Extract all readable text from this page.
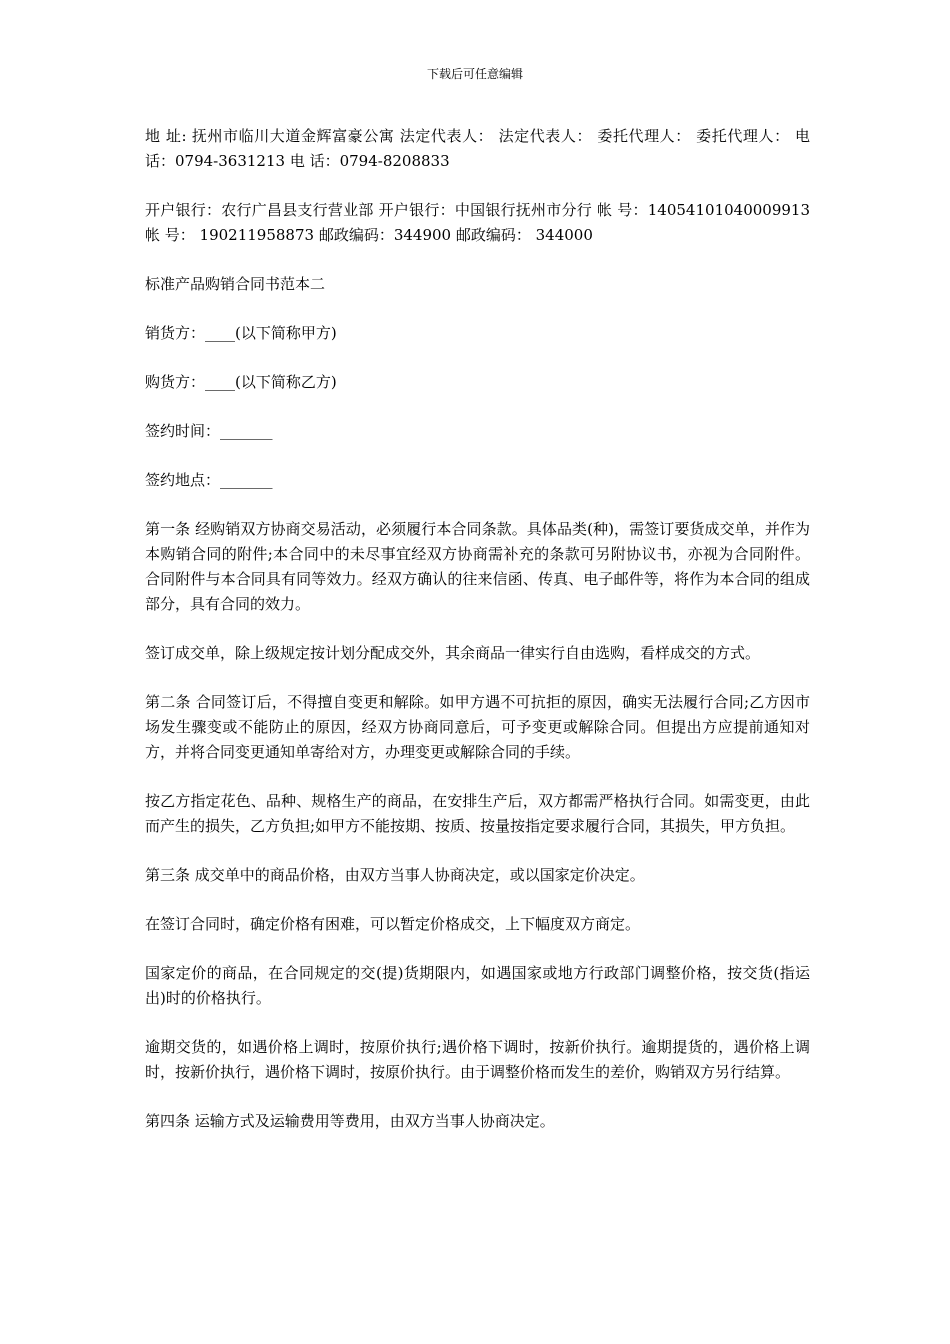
下载后可任意编辑

地 址: 抚州市临川大道金辉富豪公寓 法定代表人： 法定代表人： 委托代理人： 委托代理人： 电 话：0794-3631213 电 话：0794-8208833

开户银行：农行广昌县支行营业部 开户银行：中国银行抚州市分行 帐 号：14054101040009913 帐 号： 190211958873 邮政编码：344900 邮政编码： 344000

标准产品购销合同书范本二

销货方：____(以下简称甲方)

购货方：____(以下简称乙方)

签约时间：_______

签约地点：_______

第一条 经购销双方协商交易活动，必须履行本合同条款。具体品类(种)，需签订要货成交单，并作为本购销合同的附件;本合同中的未尽事宜经双方协商需补充的条款可另附协议书，亦视为合同附件。合同附件与本合同具有同等效力。经双方确认的往来信函、传真、电子邮件等，将作为本合同的组成部分，具有合同的效力。

签订成交单，除上级规定按计划分配成交外，其余商品一律实行自由选购，看样成交的方式。

第二条 合同签订后，不得擅自变更和解除。如甲方遇不可抗拒的原因，确实无法履行合同;乙方因市场发生骤变或不能防止的原因，经双方协商同意后，可予变更或解除合同。但提出方应提前通知对方，并将合同变更通知单寄给对方，办理变更或解除合同的手续。

按乙方指定花色、品种、规格生产的商品，在安排生产后，双方都需严格执行合同。如需变更，由此而产生的损失，乙方负担;如甲方不能按期、按质、按量按指定要求履行合同，其损失，甲方负担。

第三条 成交单中的商品价格，由双方当事人协商决定，或以国家定价决定。

在签订合同时，确定价格有困难，可以暂定价格成交，上下幅度双方商定。

国家定价的商品，在合同规定的交(提)货期限内，如遇国家或地方行政部门调整价格，按交货(指运出)时的价格执行。

逾期交货的，如遇价格上调时，按原价执行;遇价格下调时，按新价执行。逾期提货的，遇价格上调时，按新价执行，遇价格下调时，按原价执行。由于调整价格而发生的差价，购销双方另行结算。

第四条 运输方式及运输费用等费用，由双方当事人协商决定。
